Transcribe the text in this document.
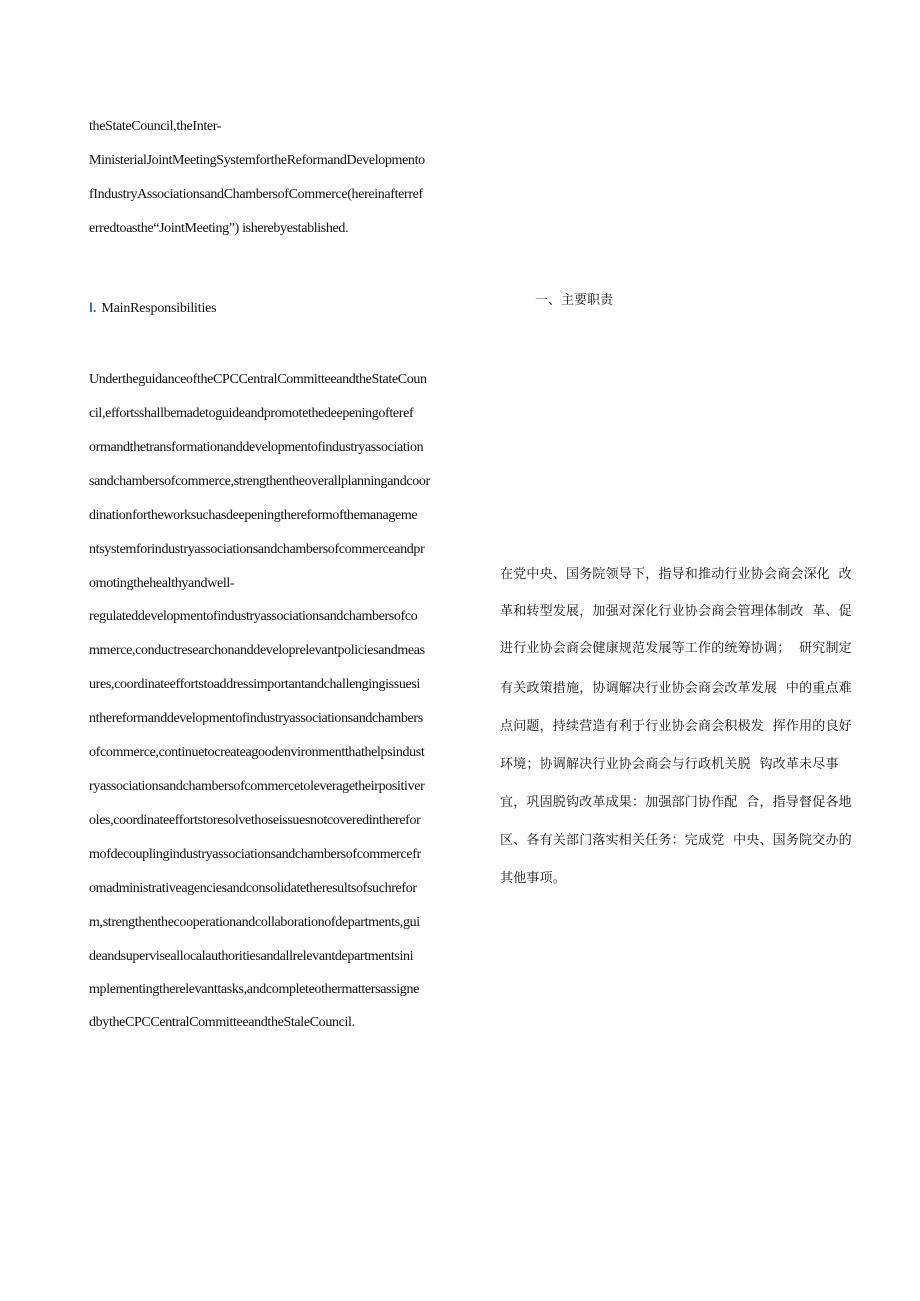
theStateCouncil,theInter-
MinisterialJointMeetingSystemfortheReformandDevelopmento
fIndustryAssociationsandChambersofCommerce(hereinafterref
erredtoasthe“JointMeeting”) isherebyestablished.
I. MainResponsibilities
一、主要职责
UndertheguidanceoftheCPCCentralCommitteeandtheStateCoun
cil,effortsshallbemadetoguideandpromotethedeepeningofteref
ormandthetransformationanddevelopmentofindustryassociation
sandchambersofcommerce,strengthentheoverallplanningandcoor
dinationfortheworksuchasdeepeningthereformofthemanageme
ntsystemforindustryassociationsandchambersofcommerceandpr
omotingthehealthyandwell-
regulateddevelopmentofindustryassociationsandchambersofco
mmerce,conductresearchonanddeveloprelevantpoliciesandmeas
ures,coordinateeffortstoaddressimportantandchallengingissuesi
nthereformanddevelopmentofindustryassociationsandchambers
ofcommerce,continuetocreateagoodenvironmentthathelpsindust
ryassociationsandchambersofcommercetoleveragetheirpositiver
oles,coordinateeffortstoresolvethoseissuesnotcoveredintherefor
mofdecouplingindustryassociationsandchambersofcommercefr
omadministrativeagenciesandconsolidatetheresultsofsuchrefor
m,strengthenthecooperationandcollaborationofdepartments,gui
deandsuperviseallocalauthoritiesandallrelevantdepartmentsini
mplementingtherelevanttasks,andcompleteothermattersassigne
dbytheCPCCentralCommitteeandtheStaleCouncil.
在党中央、国务院领导下，指导和推动行业协会商会深化  改
革和转型发展，加强对深化行业协会商会管理体制改  革、促
进行业协会商会健康规范发展等工作的统筹协调；  研究制定
有关政策措施，协调解决行业协会商会改革发展  中的重点难
点问题，持续营造有利于行业协会商会积极发  挥作用的良好
环境；协调解决行业协会商会与行政机关脱  钩改革未尽事
宜，巩固脱钩改革成果：加强部门协作配  合，指导督促各地
区、各有关部门落实相关任务：完成党  中央、国务院交办的
其他事项。
